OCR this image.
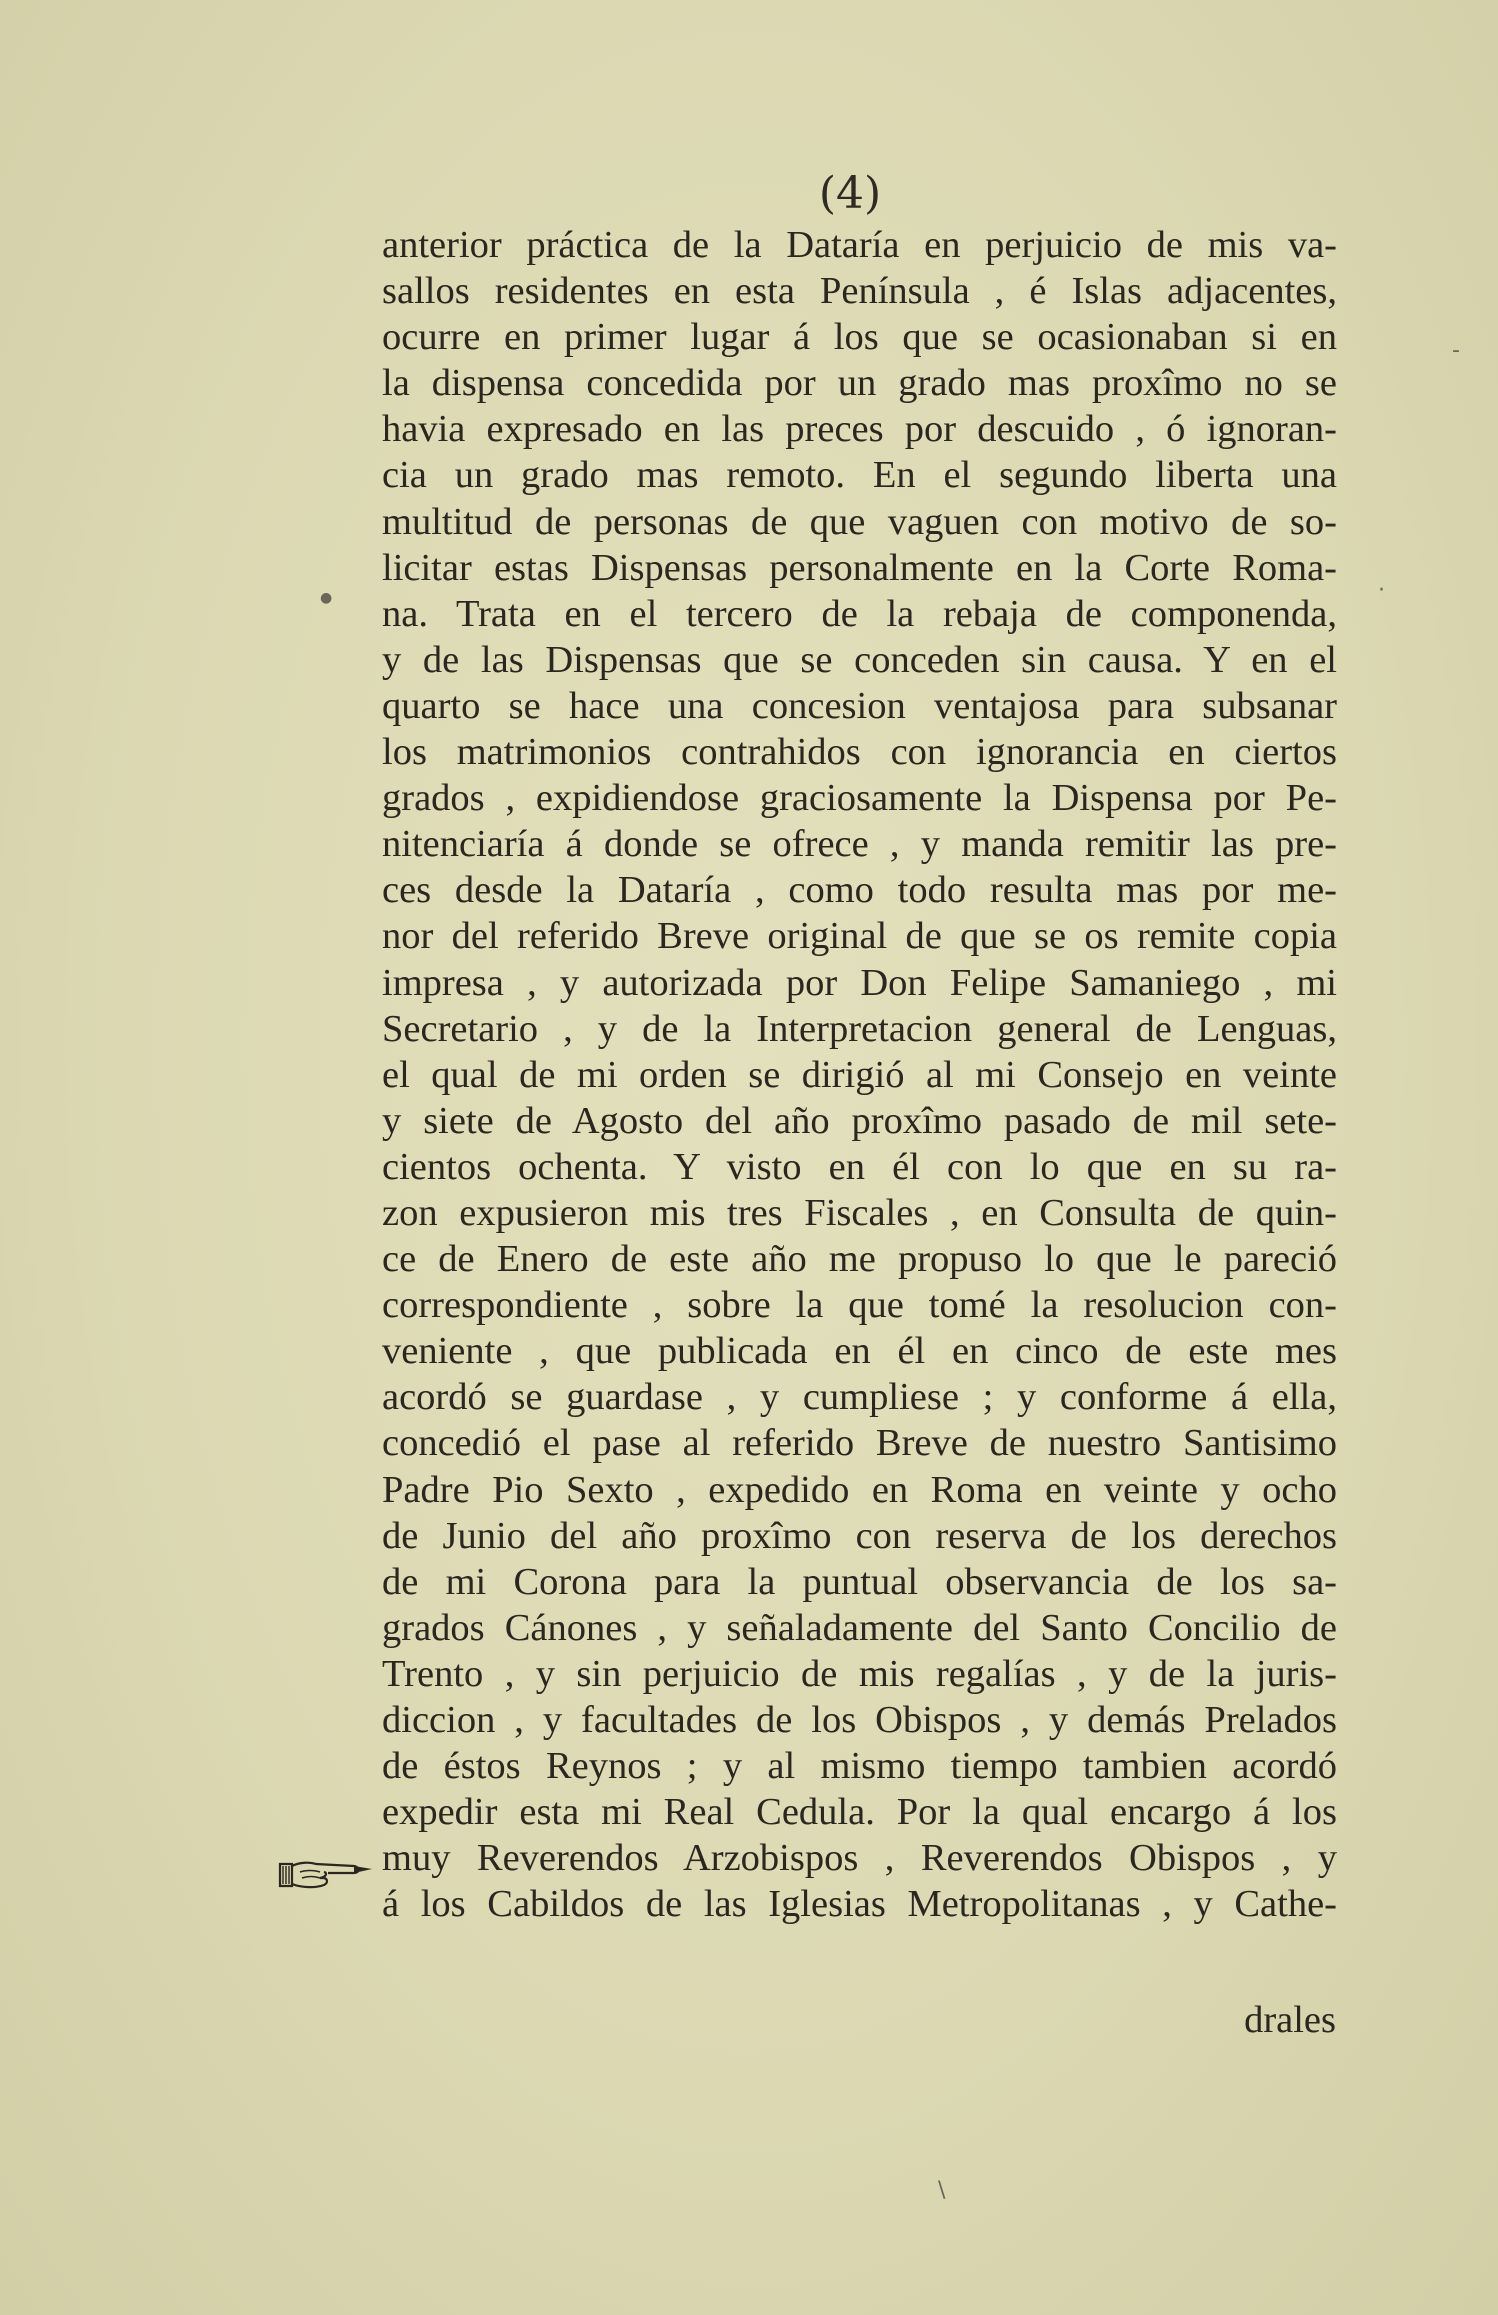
(4)
anterior práctica de la Dataría en perjuicio de mis va-
sallos residentes en esta Península , é Islas adjacentes,
ocurre en primer lugar á los que se ocasionaban si en
la dispensa concedida por un grado mas proxîmo no se
havia expresado en las preces por descuido , ó ignoran-
cia un grado mas remoto. En el segundo liberta una
multitud de personas de que vaguen con motivo de so-
licitar estas Dispensas personalmente en la Corte Roma-
na. Trata en el tercero de la rebaja de componenda,
y de las Dispensas que se conceden sin causa. Y en el
quarto se hace una concesion ventajosa para subsanar
los matrimonios contrahidos con ignorancia en ciertos
grados , expidiendose graciosamente la Dispensa por Pe-
nitenciaría á donde se ofrece , y manda remitir las pre-
ces desde la Dataría , como todo resulta mas por me-
nor del referido Breve original de que se os remite copia
impresa , y autorizada por Don Felipe Samaniego , mi
Secretario , y de la Interpretacion general de Lenguas,
el qual de mi orden se dirigió al mi Consejo en veinte
y siete de Agosto del año proxîmo pasado de mil sete-
cientos ochenta. Y visto en él con lo que en su ra-
zon expusieron mis tres Fiscales , en Consulta de quin-
ce de Enero de este año me propuso lo que le pareció
correspondiente , sobre la que tomé la resolucion con-
veniente , que publicada en él en cinco de este mes
acordó se guardase , y cumpliese ; y conforme á ella,
concedió el pase al referido Breve de nuestro Santisimo
Padre Pio Sexto , expedido en Roma en veinte y ocho
de Junio del año proxîmo con reserva de los derechos
de mi Corona para la puntual observancia de los sa-
grados Cánones , y señaladamente del Santo Concilio de
Trento , y sin perjuicio de mis regalías , y de la juris-
diccion , y facultades de los Obispos , y demás Prelados
de éstos Reynos ; y al mismo tiempo tambien acordó
expedir esta mi Real Cedula. Por la qual encargo á los
muy Reverendos Arzobispos , Reverendos Obispos , y
á los Cabildos de las Iglesias Metropolitanas , y Cathe-
drales
-
·
●
\
